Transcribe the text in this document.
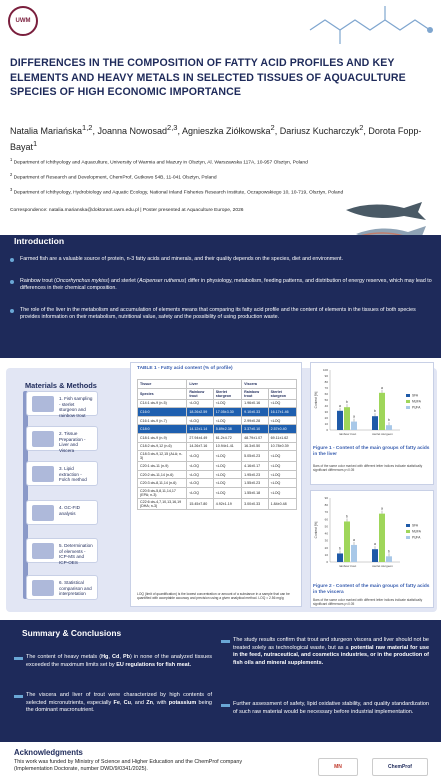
UWM
DIFFERENCES IN THE COMPOSITION OF FATTY ACID PROFILES AND KEY ELEMENTS AND HEAVY METALS IN SELECTED TISSUES OF AQUACULTURE SPECIES OF HIGH ECONOMIC IMPORTANCE
Natalia Mariańska$^{1,2}$, Joanna Nowosad$^{2,3}$, Agnieszka Ziółkowska$^2$, Dariusz Kucharczyk$^2$, Dorota Fopp-Bayat$^1$
$^1$ Department of Ichthyology and Aquaculture, University of Warmia and Mazury in Olsztyn, Al. Warszawska 117A, 10-957 Olsztyn, Poland
$^2$ Department of Research and Development, ChemProf, Gutkowo 54B, 11-041 Olsztyn, Poland
$^3$ Department of Ichthyology, Hydrobiology and Aquatic Ecology, National Inland Fisheries Research Institute, Oczapowskiego 10, 10-719, Olsztyn, Poland
Correspondence: natalia.marianska@doktorant.uwm.edu.pl | Poster presented at Aquaculture Europe, 2026
Introduction
Farmed fish are a valuable source of protein, n-3 fatty acids and minerals, and their quality depends on the species, diet and environment.
Rainbow trout (Oncorhynchus mykiss) and sterlet (Acipenser ruthenus) differ in physiology, metabolism, feeding patterns, and distribution of energy reserves, which may lead to differences in their chemical composition.
The role of the liver in the metabolism and accumulation of elements means that comparing its fatty acid profile and the content of elements in the tissues of both species provides information on their metabolism, nutritional value, safety and the possibility of using production waste.
Results
Materials & Methods
1. Fish sampling - sterlet sturgeon and rainbow trout
2. Tissue Preparation - Liver and Viscera
3. Lipid extraction - Folch method
4. GC-FID analysis
5. Determination of elements - ICP-MS and ICP-OES
6. Statistical comparison and interpretation
TABLE 1 - Fatty acid content (% of profile)
Tissue	Liver		Viscera	
Species	Rainbow trout	Sterlet sturgeon	Rainbow trout	Sterlet sturgeon
C14:1 cis-9 (n-5)	<LOQ	<LOQ	1.96±0.16	<LOQ
C16:0	18.26±2.59	17.05±3.30	9.10±0.33	16.17±1.46
C16:1 cis-9 (n-7)	<LOQ	<LOQ	2.99±0.28	<LOQ
C18:0	14.12±1.14	5.89±2.38	3.37±0.10	2.57±0.40
C18:1 cis-9 (n-9)	27.94±4.49	61.2±4.72	48.79±1.07	69.11±1.62
C18:2 cis-9,12 (n-6)	14.26±7.16	10.94±1.41	16.3±0.50	10.78±0.39
C18:3 cis-9,12,15 (ALA; n-3)	<LOQ	<LOQ	5.05±0.23	<LOQ
C20:1 cis-11 (n-9)	<LOQ	<LOQ	4.16±0.17	<LOQ
C20:2 cis-11,14 (n-6)	<LOQ	<LOQ	1.95±0.23	<LOQ
C20:3 cis-8,11,14 (n-6)	<LOQ	<LOQ	1.55±0.23	<LOQ
C20:5 cis-5,8,11,14,17 (EPA; n-3)	<LOQ	<LOQ	1.55±0.18	<LOQ
C22:6 cis-4,7,10,13,16,19 (DHA; n-3)	15.45±7.80	4.92±1.19	3.00±0.33	1.84±0.48
LOQ (limit of quantification) is the lowest concentration or amount of a substance in a sample that can be quantified with acceptable accuracy and precision using a given analytical method. LOQ = 2.56 mg/g
0
10
20
30
40
50
60
70
80
90
100
Content [%]	a
b
a
rainbow trout
b
a
b
sterlet sturgeon
SFA
MUFA
PUFA
Figure 1 - Content of the main groups of fatty acids in the liver
Bars of the same color marked with different letter indices indicate statistically significant differences p<0.05
0
10
20
30
40
50
60
70
80
90
Content [%]
b
b
a
rainbow trout
a
a
b
sterlet sturgeon
SFA
MUFA
PUFA
Figure 2 - Content of the main groups of fatty acids in the viscera
Bars of the same color marked with different letter indices indicate statistically significant differences p<0.05
Summary & Conclusions
The content of heavy metals (Hg, Cd, Pb) in none of the analyzed tissues exceeded the maximum limits set by EU regulations for fish meat.
The viscera and liver of trout were characterized by high contents of selected micronutrients, especially Fe, Cu, and Zn, with potassium being the dominant macronutrient.
The study results confirm that trout and sturgeon viscera and liver should not be treated solely as technological waste, but as a potential raw material for use in the feed, nutraceutical, and cosmetics industries, or in the production of fish oils and mineral supplements.
Further assessment of safety, lipid oxidative stability, and quality standardization of such raw material would be necessary before industrial implementation.
Acknowledgments
This work was funded by Ministry of Science and Higher Education and the ChemProf company (Implementation Doctorate, number DWD/9/0341/2025).	MN	ChemProf
